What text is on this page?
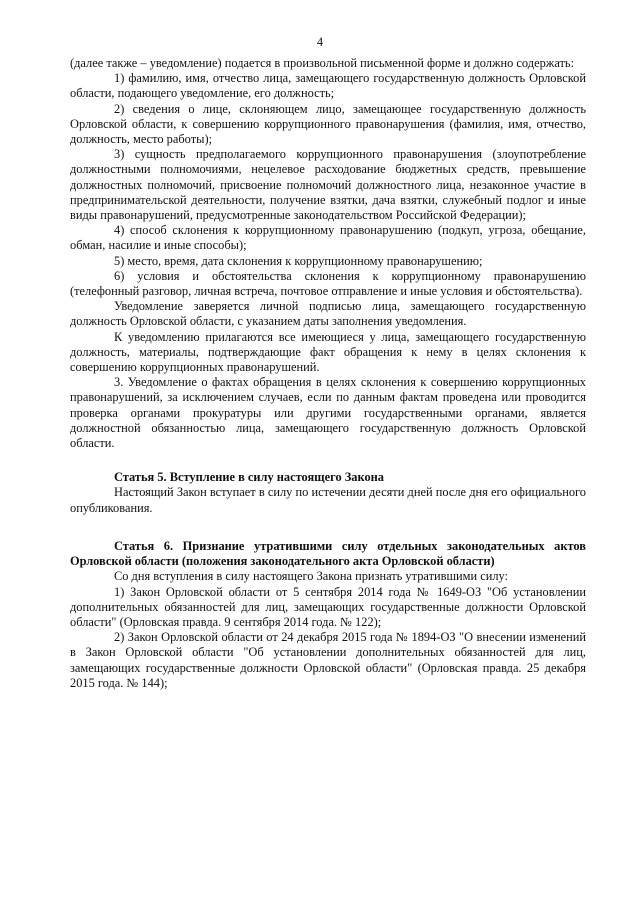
4

(далее также – уведомление) подается в произвольной письменной форме и должно содержать:

1) фамилию, имя, отчество лица, замещающего государственную должность Орловской области, подающего уведомление, его должность;

2) сведения о лице, склоняющем лицо, замещающее государственную должность Орловской области, к совершению коррупционного правонарушения (фамилия, имя, отчество, должность, место работы);

3) сущность предполагаемого коррупционного правонарушения (злоупотребление должностными полномочиями, нецелевое расходование бюджетных средств, превышение должностных полномочий, присвоение полномочий должностного лица, незаконное участие в предпринимательской деятельности, получение взятки, дача взятки, служебный подлог и иные виды правонарушений, предусмотренные законодательством Российской Федерации);

4) способ склонения к коррупционному правонарушению (подкуп, угроза, обещание, обман, насилие и иные способы);

5) место, время, дата склонения к коррупционному правонарушению;

6) условия и обстоятельства склонения к коррупционному правонарушению (телефонный разговор, личная встреча, почтовое отправление и иные условия и обстоятельства).

Уведомление заверяется личной подписью лица, замещающего государственную должность Орловской области, с указанием даты заполнения уведомления.

К уведомлению прилагаются все имеющиеся у лица, замещающего государственную должность, материалы, подтверждающие факт обращения к нему в целях склонения к совершению коррупционных правонарушений.

3. Уведомление о фактах обращения в целях склонения к совершению коррупционных правонарушений, за исключением случаев, если по данным фактам проведена или проводится проверка органами прокуратуры или другими государственными органами, является должностной обязанностью лица, замещающего государственную должность Орловской области.

Статья 5. Вступление в силу настоящего Закона

Настоящий Закон вступает в силу по истечении десяти дней после дня его официального опубликования.

Статья 6. Признание утратившими силу отдельных законодательных актов Орловской области (положения законодательного акта Орловской области)

Со дня вступления в силу настоящего Закона признать утратившими силу:

1) Закон Орловской области от 5 сентября 2014 года № 1649-ОЗ "Об установлении дополнительных обязанностей для лиц, замещающих государственные должности Орловской области" (Орловская правда. 9 сентября 2014 года. № 122);

2) Закон Орловской области от 24 декабря 2015 года № 1894-ОЗ "О внесении изменений в Закон Орловской области "Об установлении дополнительных обязанностей для лиц, замещающих государственные должности Орловской области" (Орловская правда. 25 декабря 2015 года. № 144);
